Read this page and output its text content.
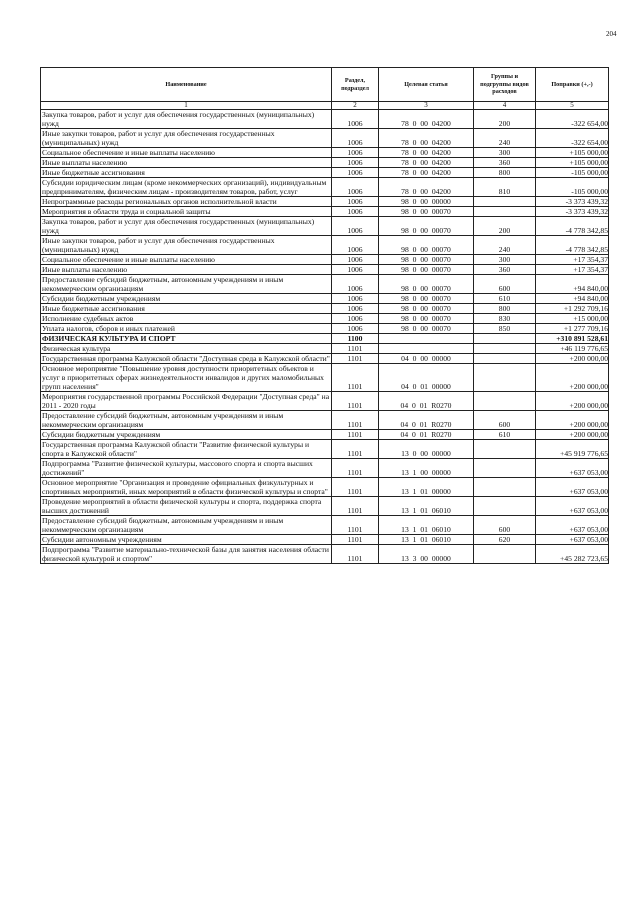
204
Наименование	Раздел, подраздел	Целевая статья	Группы и подгруппы видов расходов	Поправки (+,-)
1	2	3	4	5
Закупка товаров, работ и услуг для обеспечения государственных (муниципальных) нужд	1006	78 0 00 04200	200	-322 654,00
Иные закупки товаров, работ и услуг для обеспечения государственных (муниципальных) нужд	1006	78 0 00 04200	240	-322 654,00
Социальное обеспечение и иные выплаты населению	1006	78 0 00 04200	300	+105 000,00
Иные выплаты населению	1006	78 0 00 04200	360	+105 000,00
Иные бюджетные ассигнования	1006	78 0 00 04200	800	-105 000,00
Субсидии юридическим лицам (кроме некоммерческих организаций), индивидуальным предпринимателям, физическим лицам - производителям товаров, работ, услуг	1006	78 0 00 04200	810	-105 000,00
Непрограммные расходы региональных органов исполнительной власти	1006	98 0 00 00000		-3 373 439,32
Мероприятия в области труда и социальной защиты	1006	98 0 00 00070		-3 373 439,32
Закупка товаров, работ и услуг для обеспечения государственных (муниципальных) нужд	1006	98 0 00 00070	200	-4 778 342,85
Иные закупки товаров, работ и услуг для обеспечения государственных (муниципальных) нужд	1006	98 0 00 00070	240	-4 778 342,85
Социальное обеспечение и иные выплаты населению	1006	98 0 00 00070	300	+17 354,37
Иные выплаты населению	1006	98 0 00 00070	360	+17 354,37
Предоставление субсидий бюджетным, автономным учреждениям и иным некоммерческим организациям	1006	98 0 00 00070	600	+94 840,00
Субсидии бюджетным учреждениям	1006	98 0 00 00070	610	+94 840,00
Иные бюджетные ассигнования	1006	98 0 00 00070	800	+1 292 709,16
Исполнение судебных актов	1006	98 0 00 00070	830	+15 000,00
Уплата налогов, сборов и иных платежей	1006	98 0 00 00070	850	+1 277 709,16
ФИЗИЧЕСКАЯ КУЛЬТУРА И СПОРТ	1100			+310 891 528,61
Физическая культура	1101			+46 119 776,65
Государственная программа Калужской области "Доступная среда в Калужской области"	1101	04 0 00 00000		+200 000,00
Основное мероприятие "Повышение уровня доступности приоритетных объектов и услуг в приоритетных сферах жизнедеятельности инвалидов и других маломобильных групп населения"	1101	04 0 01 00000		+200 000,00
Мероприятия государственной программы Российской Федерации "Доступная среда" на 2011 - 2020 годы	1101	04 0 01 R0270		+200 000,00
Предоставление субсидий бюджетным, автономным учреждениям и иным некоммерческим организациям	1101	04 0 01 R0270	600	+200 000,00
Субсидии бюджетным учреждениям	1101	04 0 01 R0270	610	+200 000,00
Государственная программа Калужской области "Развитие физической культуры и спорта в Калужской области"	1101	13 0 00 00000		+45 919 776,65
Подпрограмма "Развитие физической культуры, массового спорта и спорта высших достижений"	1101	13 1 00 00000		+637 053,00
Основное мероприятие "Организация и проведение официальных физкультурных и спортивных мероприятий, иных мероприятий в области физической культуры и спорта"	1101	13 1 01 00000		+637 053,00
Проведение мероприятий в области физической культуры и спорта, поддержка спорта высших достижений	1101	13 1 01 06010		+637 053,00
Предоставление субсидий бюджетным, автономным учреждениям и иным некоммерческим организациям	1101	13 1 01 06010	600	+637 053,00
Субсидии автономным учреждениям	1101	13 1 01 06010	620	+637 053,00
Подпрограмма "Развитие материально-технической базы для занятия населения области физической культурой и спортом"	1101	13 3 00 00000		+45 282 723,65
